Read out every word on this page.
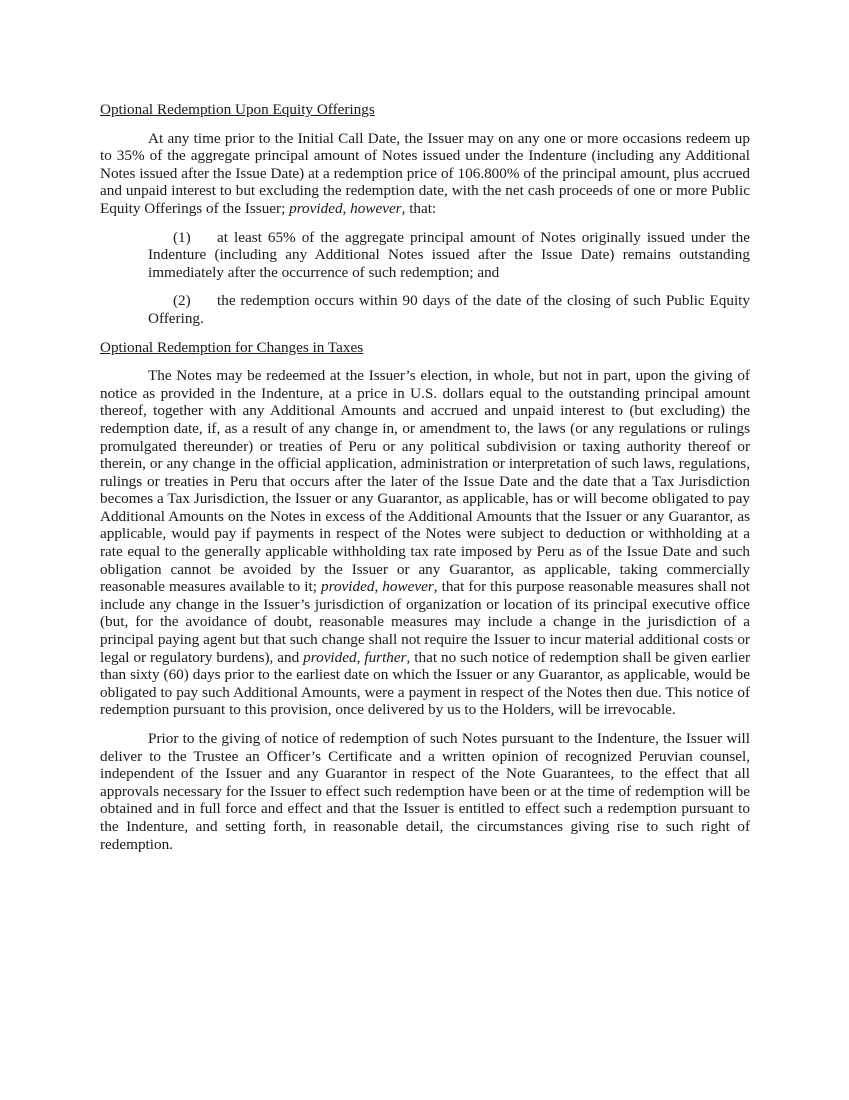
Optional Redemption Upon Equity Offerings

At any time prior to the Initial Call Date, the Issuer may on any one or more occasions redeem up to 35% of the aggregate principal amount of Notes issued under the Indenture (including any Additional Notes issued after the Issue Date) at a redemption price of 106.800% of the principal amount, plus accrued and unpaid interest to but excluding the redemption date, with the net cash proceeds of one or more Public Equity Offerings of the Issuer; provided, however, that:

(1) at least 65% of the aggregate principal amount of Notes originally issued under the Indenture (including any Additional Notes issued after the Issue Date) remains outstanding immediately after the occurrence of such redemption; and

(2) the redemption occurs within 90 days of the date of the closing of such Public Equity Offering.

Optional Redemption for Changes in Taxes

The Notes may be redeemed at the Issuer’s election, in whole, but not in part, upon the giving of notice as provided in the Indenture, at a price in U.S. dollars equal to the outstanding principal amount thereof, together with any Additional Amounts and accrued and unpaid interest to (but excluding) the redemption date, if, as a result of any change in, or amendment to, the laws (or any regulations or rulings promulgated thereunder) or treaties of Peru or any political subdivision or taxing authority thereof or therein, or any change in the official application, administration or interpretation of such laws, regulations, rulings or treaties in Peru that occurs after the later of the Issue Date and the date that a Tax Jurisdiction becomes a Tax Jurisdiction, the Issuer or any Guarantor, as applicable, has or will become obligated to pay Additional Amounts on the Notes in excess of the Additional Amounts that the Issuer or any Guarantor, as applicable, would pay if payments in respect of the Notes were subject to deduction or withholding at a rate equal to the generally applicable withholding tax rate imposed by Peru as of the Issue Date and such obligation cannot be avoided by the Issuer or any Guarantor, as applicable, taking commercially reasonable measures available to it; provided, however, that for this purpose reasonable measures shall not include any change in the Issuer’s jurisdiction of organization or location of its principal executive office (but, for the avoidance of doubt, reasonable measures may include a change in the jurisdiction of a principal paying agent but that such change shall not require the Issuer to incur material additional costs or legal or regulatory burdens), and provided, further, that no such notice of redemption shall be given earlier than sixty (60) days prior to the earliest date on which the Issuer or any Guarantor, as applicable, would be obligated to pay such Additional Amounts, were a payment in respect of the Notes then due. This notice of redemption pursuant to this provision, once delivered by us to the Holders, will be irrevocable.

Prior to the giving of notice of redemption of such Notes pursuant to the Indenture, the Issuer will deliver to the Trustee an Officer’s Certificate and a written opinion of recognized Peruvian counsel, independent of the Issuer and any Guarantor in respect of the Note Guarantees, to the effect that all approvals necessary for the Issuer to effect such redemption have been or at the time of redemption will be obtained and in full force and effect and that the Issuer is entitled to effect such a redemption pursuant to the Indenture, and setting forth, in reasonable detail, the circumstances giving rise to such right of redemption.
